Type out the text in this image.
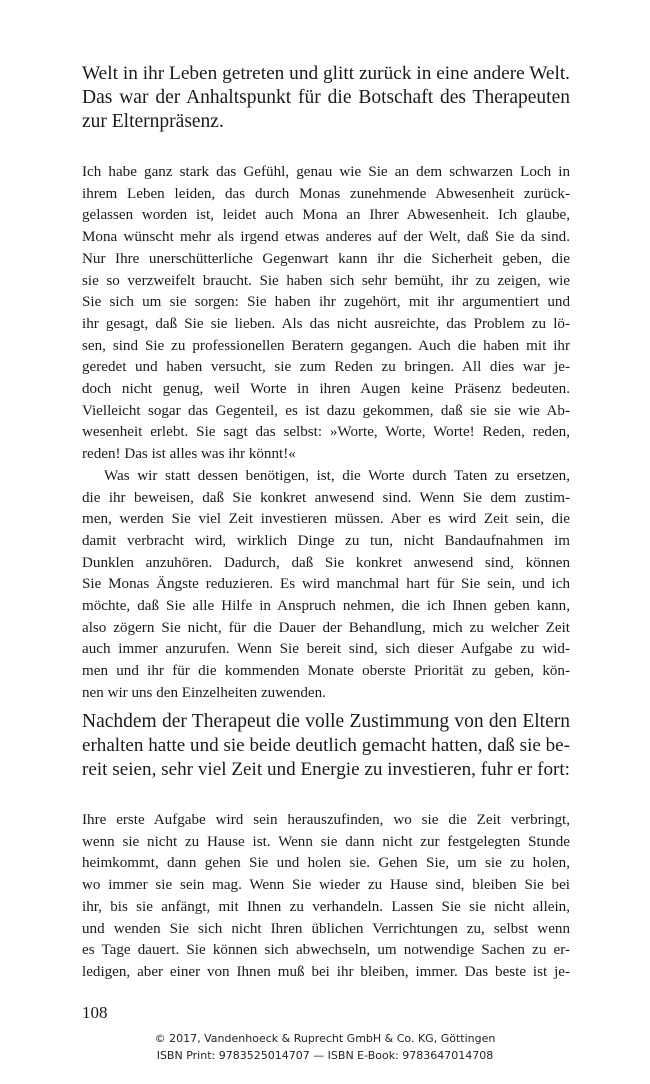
Welt in ihr Leben getreten und glitt zurück in eine andere Welt.
Das war der Anhaltspunkt für die Botschaft des Therapeuten
zur Elternpräsenz.
Ich habe ganz stark das Gefühl, genau wie Sie an dem schwarzen Loch in
ihrem Leben leiden, das durch Monas zunehmende Abwesenheit zurück-
gelassen worden ist, leidet auch Mona an Ihrer Abwesenheit. Ich glaube,
Mona wünscht mehr als irgend etwas anderes auf der Welt, daß Sie da sind.
Nur Ihre unerschütterliche Gegenwart kann ihr die Sicherheit geben, die
sie so verzweifelt braucht. Sie haben sich sehr bemüht, ihr zu zeigen, wie
Sie sich um sie sorgen: Sie haben ihr zugehört, mit ihr argumentiert und
ihr gesagt, daß Sie sie lieben. Als das nicht ausreichte, das Problem zu lö-
sen, sind Sie zu professionellen Beratern gegangen. Auch die haben mit ihr
geredet und haben versucht, sie zum Reden zu bringen. All dies war je-
doch nicht genug, weil Worte in ihren Augen keine Präsenz bedeuten.
Vielleicht sogar das Gegenteil, es ist dazu gekommen, daß sie sie wie Ab-
wesenheit erlebt. Sie sagt das selbst: »Worte, Worte, Worte! Reden, reden,
reden! Das ist alles was ihr könnt!«
Was wir statt dessen benötigen, ist, die Worte durch Taten zu ersetzen,
die ihr beweisen, daß Sie konkret anwesend sind. Wenn Sie dem zustim-
men, werden Sie viel Zeit investieren müssen. Aber es wird Zeit sein, die
damit verbracht wird, wirklich Dinge zu tun, nicht Bandaufnahmen im
Dunklen anzuhören. Dadurch, daß Sie konkret anwesend sind, können
Sie Monas Ängste reduzieren. Es wird manchmal hart für Sie sein, und ich
möchte, daß Sie alle Hilfe in Anspruch nehmen, die ich Ihnen geben kann,
also zögern Sie nicht, für die Dauer der Behandlung, mich zu welcher Zeit
auch immer anzurufen. Wenn Sie bereit sind, sich dieser Aufgabe zu wid-
men und ihr für die kommenden Monate oberste Priorität zu geben, kön-
nen wir uns den Einzelheiten zuwenden.
Nachdem der Therapeut die volle Zustimmung von den Eltern
erhalten hatte und sie beide deutlich gemacht hatten, daß sie be-
reit seien, sehr viel Zeit und Energie zu investieren, fuhr er fort:
Ihre erste Aufgabe wird sein herauszufinden, wo sie die Zeit verbringt,
wenn sie nicht zu Hause ist. Wenn sie dann nicht zur festgelegten Stunde
heimkommt, dann gehen Sie und holen sie. Gehen Sie, um sie zu holen,
wo immer sie sein mag. Wenn Sie wieder zu Hause sind, bleiben Sie bei
ihr, bis sie anfängt, mit Ihnen zu verhandeln. Lassen Sie sie nicht allein,
und wenden Sie sich nicht Ihren üblichen Verrichtungen zu, selbst wenn
es Tage dauert. Sie können sich abwechseln, um notwendige Sachen zu er-
ledigen, aber einer von Ihnen muß bei ihr bleiben, immer. Das beste ist je-
108
© 2017, Vandenhoeck & Ruprecht GmbH & Co. KG, Göttingen
ISBN Print: 9783525014707 — ISBN E-Book: 9783647014708
